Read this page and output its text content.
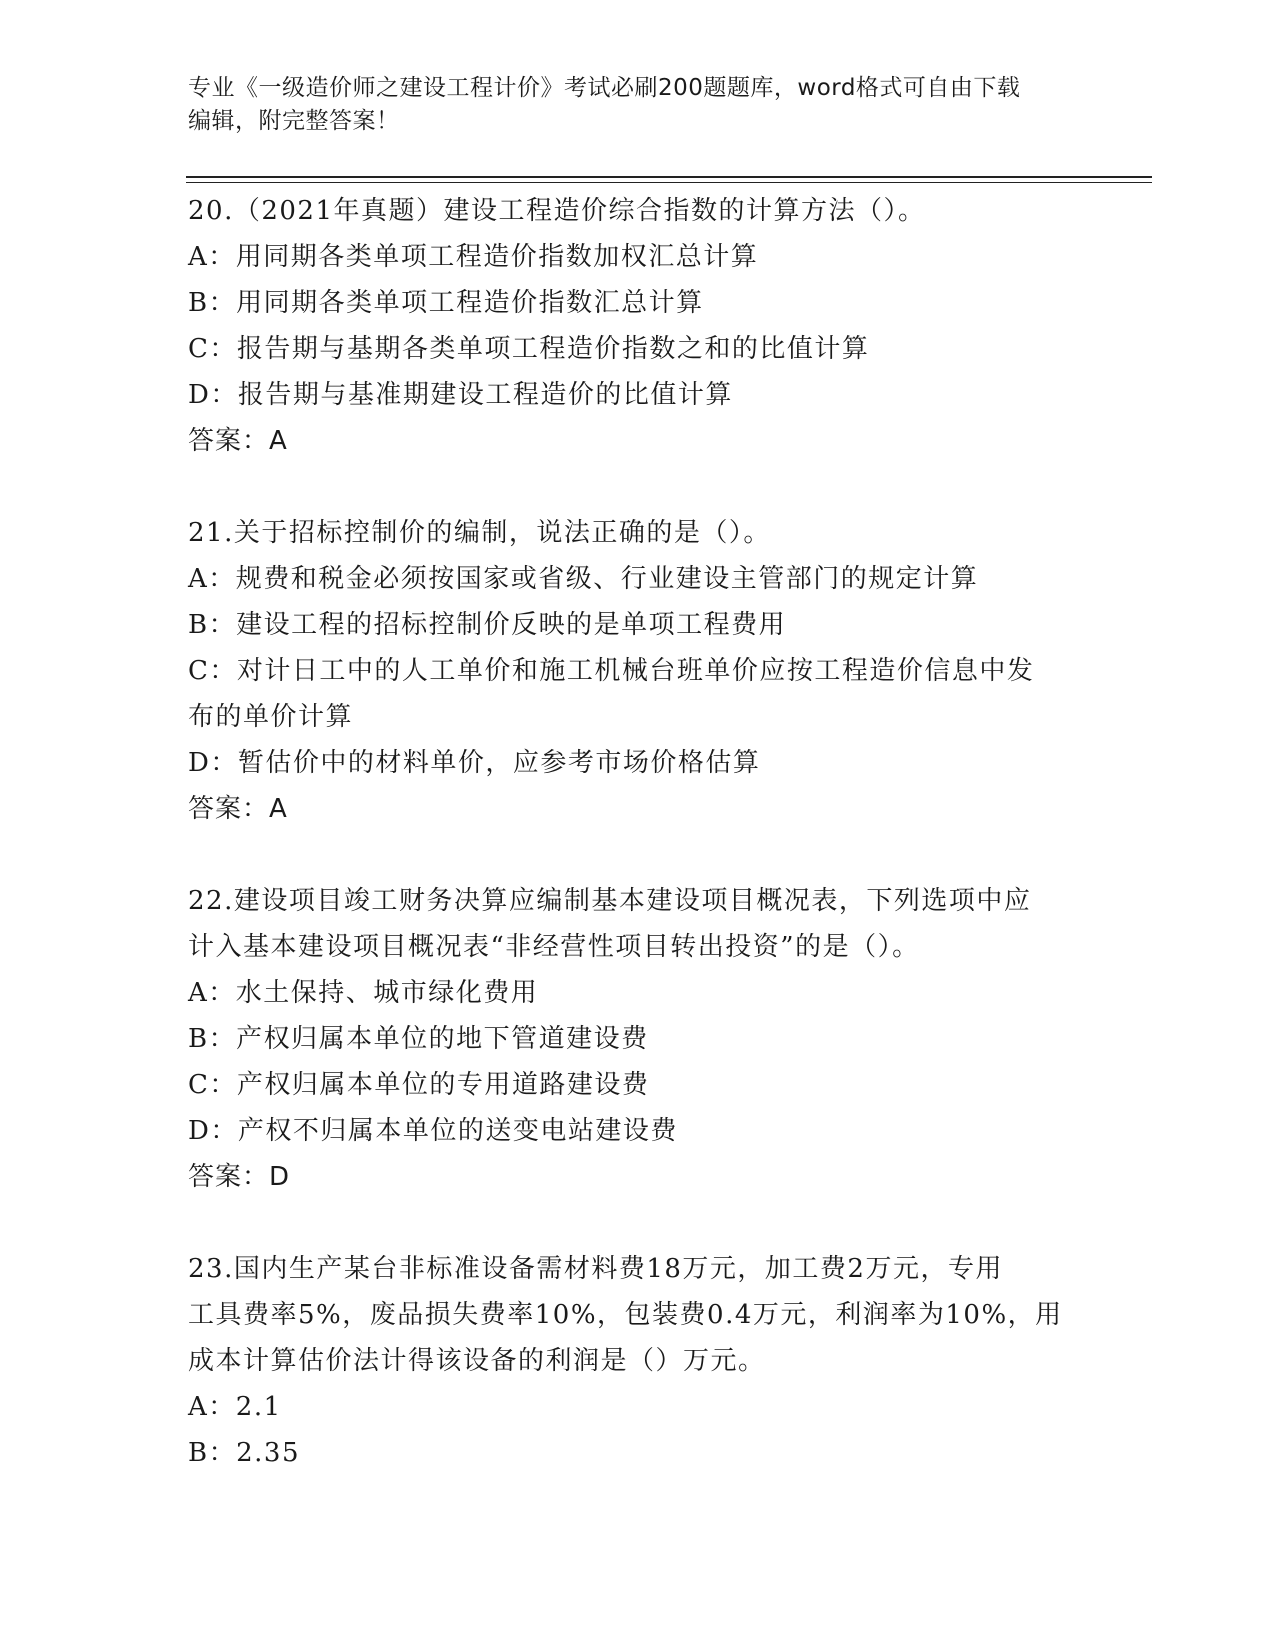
专业《一级造价师之建设工程计价》考试必刷200题题库，word格式可自由下载
编辑，附完整答案！
20.（2021年真题）建设工程造价综合指数的计算方法（）。
A：用同期各类单项工程造价指数加权汇总计算
B：用同期各类单项工程造价指数汇总计算
C：报告期与基期各类单项工程造价指数之和的比值计算
D：报告期与基准期建设工程造价的比值计算
答案：A
21.关于招标控制价的编制，说法正确的是（）。
A：规费和税金必须按国家或省级、行业建设主管部门的规定计算
B：建设工程的招标控制价反映的是单项工程费用
C：对计日工中的人工单价和施工机械台班单价应按工程造价信息中发
布的单价计算
D：暂估价中的材料单价，应参考市场价格估算
答案：A
22.建设项目竣工财务决算应编制基本建设项目概况表，下列选项中应
计入基本建设项目概况表“非经营性项目转出投资”的是（）。
A：水土保持、城市绿化费用
B：产权归属本单位的地下管道建设费
C：产权归属本单位的专用道路建设费
D：产权不归属本单位的送变电站建设费
答案：D
23.国内生产某台非标准设备需材料费18万元，加工费2万元，专用
工具费率5%，废品损失费率10%，包装费0.4万元，利润率为10%，用
成本计算估价法计得该设备的利润是（）万元。
A：2.1
B：2.35
